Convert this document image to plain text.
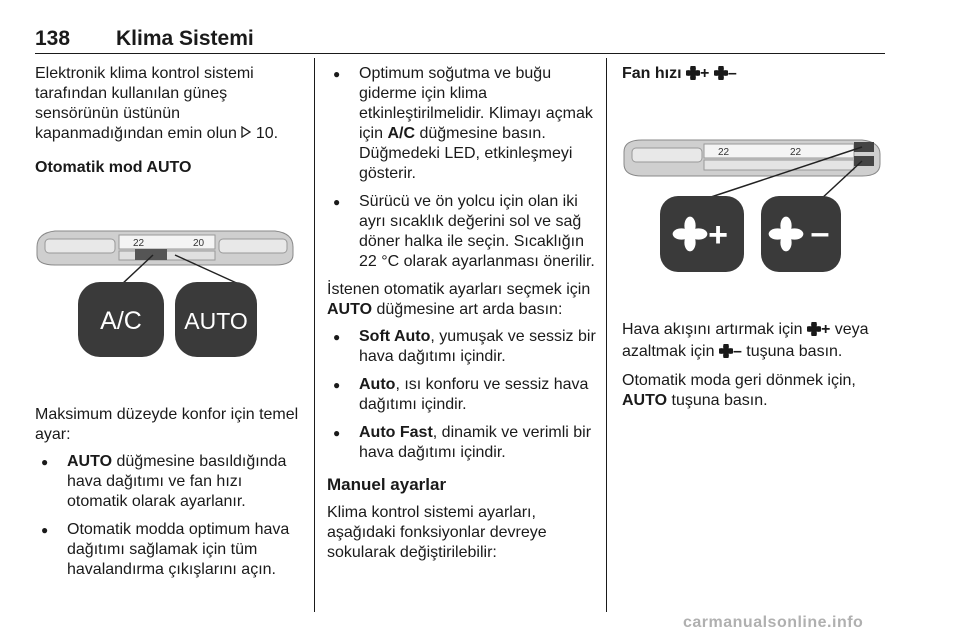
138 Klima Sistemi

Elektronik klima kontrol sistemi tarafından kullanılan güneş sensörünün üstünün kapanmadığından emin olun 10.

Otomatik mod AUTO
22	20
A/C AUTO

Maksimum düzeyde konfor için temel ayar:

● AUTO düğmesine basıldığında hava dağıtımı ve fan hızı otomatik olarak ayarlanır.
● Otomatik modda optimum hava dağıtımı sağlamak için tüm havalandırma çıkışlarını açın.
● Optimum soğutma ve buğu giderme için klima etkinleştirilmelidir. Klimayı açmak için A/C düğmesine basın. Düğmedeki LED, etkinleşmeyi gösterir.
● Sürücü ve ön yolcu için olan iki ayrı sıcaklık değerini sol ve sağ döner halka ile seçin. Sıcaklığın 22 °C olarak ayarlanması önerilir.

İstenen otomatik ayarları seçmek için AUTO düğmesine art arda basın:

● Soft Auto, yumuşak ve sessiz bir hava dağıtımı içindir.
● Auto, ısı konforu ve sessiz hava dağıtımı içindir.
● Auto Fast, dinamik ve verimli bir hava dağıtımı içindir.
Manuel ayarlar

Klima kontrol sistemi ayarları, aşağıdaki fonksiyonlar devreye sokularak değiştirilebilir:

Fan hızı + –
22	22
+ –

Hava akışını artırmak için + veya azaltmak için – tuşuna basın.

Otomatik moda geri dönmek için, AUTO tuşuna basın.

carmanualsonline.info
